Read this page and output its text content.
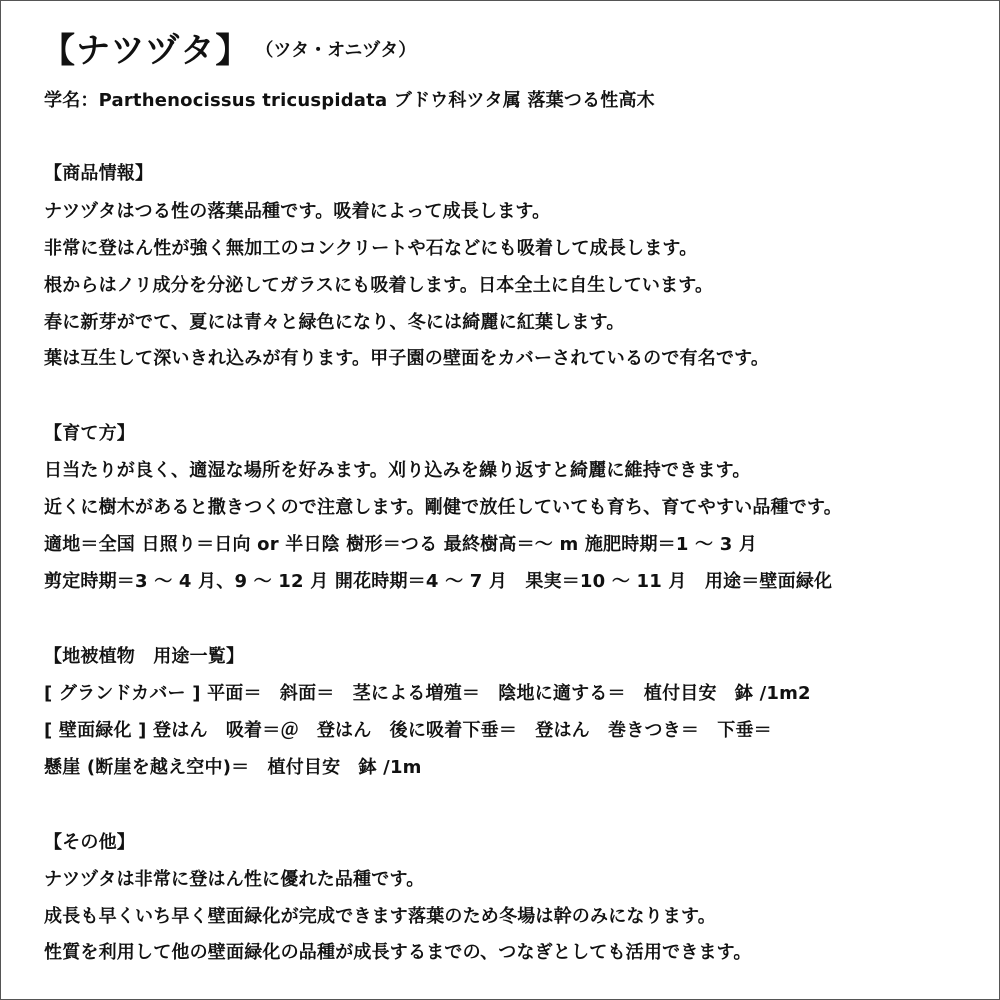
【ナツヅタ】 （ツタ・オニヅタ）
学名：Parthenocissus tricuspidata ブドウ科ツタ属 落葉つる性高木
【商品情報】
ナツヅタはつる性の落葉品種です。吸着によって成長します。
非常に登はん性が強く無加工のコンクリートや石などにも吸着して成長します。
根からはノリ成分を分泌してガラスにも吸着します。日本全土に自生しています。
春に新芽がでて、夏には青々と緑色になり、冬には綺麗に紅葉します。
葉は互生して深いきれ込みが有ります。甲子園の壁面をカバーされているので有名です。
【育て方】
日当たりが良く、適湿な場所を好みます。刈り込みを繰り返すと綺麗に維持できます。
近くに樹木があると撒きつくので注意します。剛健で放任していても育ち、育てやすい品種です。
適地＝全国 日照り＝日向 or 半日陰 樹形＝つる 最終樹高＝～ m 施肥時期＝1 ～ 3 月
剪定時期＝3 ～ 4 月、9 ～ 12 月 開花時期＝4 ～ 7 月　果実＝10 ～ 11 月　用途＝壁面緑化
【地被植物　用途一覧】
[ グランドカバー ] 平面＝　斜面＝　茎による増殖＝　陰地に適する＝　植付目安　鉢 /1m2
[ 壁面緑化 ] 登はん　吸着＝＠　登はん　後に吸着下垂＝　登はん　巻きつき＝　下垂＝
懸崖 (断崖を越え空中)＝　植付目安　鉢 /1m
【その他】
ナツヅタは非常に登はん性に優れた品種です。
成長も早くいち早く壁面緑化が完成できます落葉のため冬場は幹のみになります。
性質を利用して他の壁面緑化の品種が成長するまでの、つなぎとしても活用できます。
